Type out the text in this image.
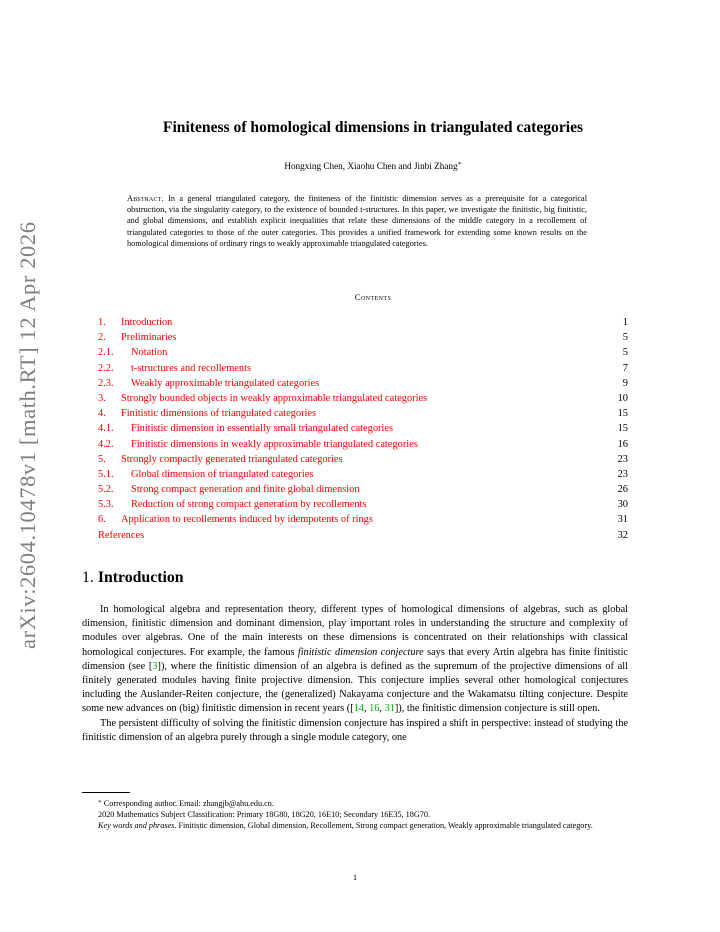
arXiv:2604.10478v1 [math.RT] 12 Apr 2026
Finiteness of homological dimensions in triangulated categories
Hongxing Chen, Xiaohu Chen and Jinbi Zhang∗
Abstract. In a general triangulated category, the finiteness of the finitistic dimension serves as a prerequisite for a categorical obstruction, via the singularity category, to the existence of bounded t-structures. In this paper, we investigate the finitistic, big finitistic, and global dimensions, and establish explicit inequalities that relate these dimensions of the middle category in a recollement of triangulated categories to those of the outer categories. This provides a unified framework for extending some known results on the homological dimensions of ordinary rings to weakly approximable triangulated categories.
Contents
1. Introduction	1
2. Preliminaries	5
2.1. Notation	5
2.2. t-structures and recollements	7
2.3. Weakly approximable triangulated categories	9
3. Strongly bounded objects in weakly approximable triangulated categories	10
4. Finitistic dimensions of triangulated categories	15
4.1. Finitistic dimension in essentially small triangulated categories	15
4.2. Finitistic dimensions in weakly approximable triangulated categories	16
5. Strongly compactly generated triangulated categories	23
5.1. Global dimension of triangulated categories	23
5.2. Strong compact generation and finite global dimension	26
5.3. Reduction of strong compact generation by recollements	30
6. Application to recollements induced by idempotents of rings	31
References	32
1. Introduction

In homological algebra and representation theory, different types of homological dimensions of algebras, such as global dimension, finitistic dimension and dominant dimension, play important roles in understanding the structure and complexity of modules over algebras. One of the main interests on these dimensions is concentrated on their relationships with classical homological conjectures. For example, the famous finitistic dimension conjecture says that every Artin algebra has finite finitistic dimension (see [3]), where the finitistic dimension of an algebra is defined as the supremum of the projective dimensions of all finitely generated modules having finite projective dimension. This conjecture implies several other homological conjectures including the Auslander-Reiten conjecture, the (generalized) Nakayama conjecture and the Wakamatsu tilting conjecture. Despite some new advances on (big) finitistic dimension in recent years ([14, 16, 31]), the finitistic dimension conjecture is still open.

The persistent difficulty of solving the finitistic dimension conjecture has inspired a shift in perspective: instead of studying the finitistic dimension of an algebra purely through a single module category, one

∗ Corresponding author. Email: zhangjb@ahu.edu.cn.
2020 Mathematics Subject Classification: Primary 18G80, 18G20, 16E10; Secondary 16E35, 18G70.
Key words and phrases. Finitistic dimension, Global dimension, Recollement, Strong compact generation, Weakly approximable triangulated category.
1
